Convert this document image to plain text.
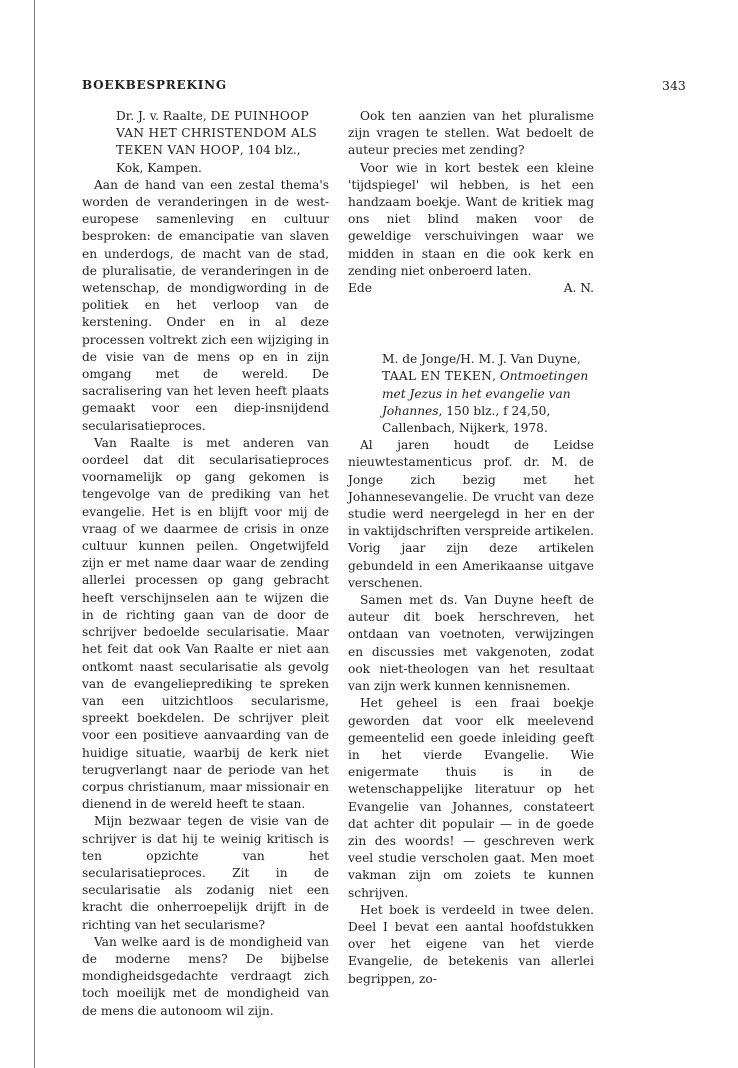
BOEKBESPREKING	343

Dr. J. v. Raalte, DE PUINHOOP VAN HET CHRISTENDOM ALS TEKEN VAN HOOP, 104 blz., Kok, Kampen.

Aan de hand van een zestal thema's worden de veranderingen in de west-europese samenleving en cultuur besproken: de emancipatie van slaven en underdogs, de macht van de stad, de pluralisatie, de veranderingen in de wetenschap, de mondigwording in de politiek en het verloop van de kerstening. Onder en in al deze processen voltrekt zich een wijziging in de visie van de mens op en in zijn omgang met de wereld. De sacralisering van het leven heeft plaats gemaakt voor een diep-insnijdend secularisatieproces.

Van Raalte is met anderen van oordeel dat dit secularisatieproces voornamelijk op gang gekomen is tengevolge van de prediking van het evangelie. Het is en blijft voor mij de vraag of we daarmee de crisis in onze cultuur kunnen peilen. Ongetwijfeld zijn er met name daar waar de zending allerlei processen op gang gebracht heeft verschijnselen aan te wijzen die in de richting gaan van de door de schrijver bedoelde secularisatie. Maar het feit dat ook Van Raalte er niet aan ontkomt naast secularisatie als gevolg van de evangelieprediking te spreken van een uitzichtloos secularisme, spreekt boekdelen. De schrijver pleit voor een positieve aanvaarding van de huidige situatie, waarbij de kerk niet terugverlangt naar de periode van het corpus christianum, maar missionair en dienend in de wereld heeft te staan.

Mijn bezwaar tegen de visie van de schrijver is dat hij te weinig kritisch is ten opzichte van het secularisatieproces. Zit in de secularisatie als zodanig niet een kracht die onherroepelijk drijft in de richting van het secularisme?

Van welke aard is de mondigheid van de moderne mens? De bijbelse mondigheidsgedachte verdraagt zich toch moeilijk met de mondigheid van de mens die autonoom wil zijn.

Ook ten aanzien van het pluralisme zijn vragen te stellen. Wat bedoelt de auteur precies met zending?

Voor wie in kort bestek een kleine 'tijdspiegel' wil hebben, is het een handzaam boekje. Want de kritiek mag ons niet blind maken voor de geweldige verschuivingen waar we midden in staan en die ook kerk en zending niet onberoerd laten.

Ede	A. N.

M. de Jonge/H. M. J. Van Duyne, TAAL EN TEKEN, Ontmoetingen met Jezus in het evangelie van Johannes, 150 blz., f 24,50, Callenbach, Nijkerk, 1978.

Al jaren houdt de Leidse nieuwtestamenticus prof. dr. M. de Jonge zich bezig met het Johannesevangelie. De vrucht van deze studie werd neergelegd in her en der in vaktijdschriften verspreide artikelen. Vorig jaar zijn deze artikelen gebundeld in een Amerikaanse uitgave verschenen.

Samen met ds. Van Duyne heeft de auteur dit boek herschreven, het ontdaan van voetnoten, verwijzingen en discussies met vakgenoten, zodat ook niet-theologen van het resultaat van zijn werk kunnen kennisnemen.

Het geheel is een fraai boekje geworden dat voor elk meelevend gemeentelid een goede inleiding geeft in het vierde Evangelie. Wie enigermate thuis is in de wetenschappelijke literatuur op het Evangelie van Johannes, constateert dat achter dit populair — in de goede zin des woords! — geschreven werk veel studie verscholen gaat. Men moet vakman zijn om zoiets te kunnen schrijven.

Het boek is verdeeld in twee delen. Deel I bevat een aantal hoofdstukken over het eigene van het vierde Evangelie, de betekenis van allerlei begrippen, zo-
